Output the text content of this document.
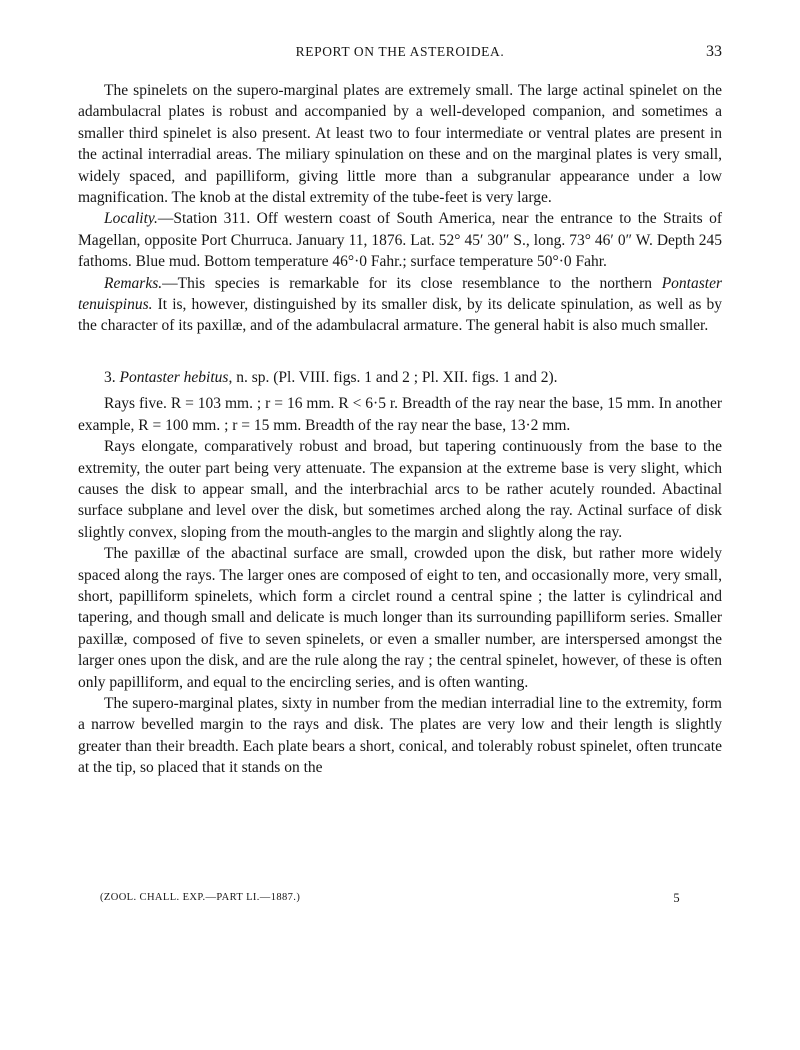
REPORT ON THE ASTEROIDEA.	33

The spinelets on the supero-marginal plates are extremely small. The large actinal spinelet on the adambulacral plates is robust and accompanied by a well-developed companion, and sometimes a smaller third spinelet is also present. At least two to four intermediate or ventral plates are present in the actinal interradial areas. The miliary spinulation on these and on the marginal plates is very small, widely spaced, and papilliform, giving little more than a subgranular appearance under a low magnification. The knob at the distal extremity of the tube-feet is very large.

Locality.—Station 311. Off western coast of South America, near the entrance to the Straits of Magellan, opposite Port Churruca. January 11, 1876. Lat. 52° 45′ 30″ S., long. 73° 46′ 0″ W. Depth 245 fathoms. Blue mud. Bottom temperature 46°·0 Fahr.; surface temperature 50°·0 Fahr.

Remarks.—This species is remarkable for its close resemblance to the northern Pontaster tenuispinus. It is, however, distinguished by its smaller disk, by its delicate spinulation, as well as by the character of its paxillæ, and of the adambulacral armature. The general habit is also much smaller.

3. Pontaster hebitus, n. sp. (Pl. VIII. figs. 1 and 2 ; Pl. XII. figs. 1 and 2).

Rays five. R = 103 mm. ; r = 16 mm. R < 6·5 r. Breadth of the ray near the base, 15 mm. In another example, R = 100 mm. ; r = 15 mm. Breadth of the ray near the base, 13·2 mm.

Rays elongate, comparatively robust and broad, but tapering continuously from the base to the extremity, the outer part being very attenuate. The expansion at the extreme base is very slight, which causes the disk to appear small, and the interbrachial arcs to be rather acutely rounded. Abactinal surface subplane and level over the disk, but sometimes arched along the ray. Actinal surface of disk slightly convex, sloping from the mouth-angles to the margin and slightly along the ray.

The paxillæ of the abactinal surface are small, crowded upon the disk, but rather more widely spaced along the rays. The larger ones are composed of eight to ten, and occasionally more, very small, short, papilliform spinelets, which form a circlet round a central spine ; the latter is cylindrical and tapering, and though small and delicate is much longer than its surrounding papilliform series. Smaller paxillæ, composed of five to seven spinelets, or even a smaller number, are interspersed amongst the larger ones upon the disk, and are the rule along the ray ; the central spinelet, however, of these is often only papilliform, and equal to the encircling series, and is often wanting.

The supero-marginal plates, sixty in number from the median interradial line to the extremity, form a narrow bevelled margin to the rays and disk. The plates are very low and their length is slightly greater than their breadth. Each plate bears a short, conical, and tolerably robust spinelet, often truncate at the tip, so placed that it stands on the

(ZOOL. CHALL. EXP.—PART LI.—1887.)	5
